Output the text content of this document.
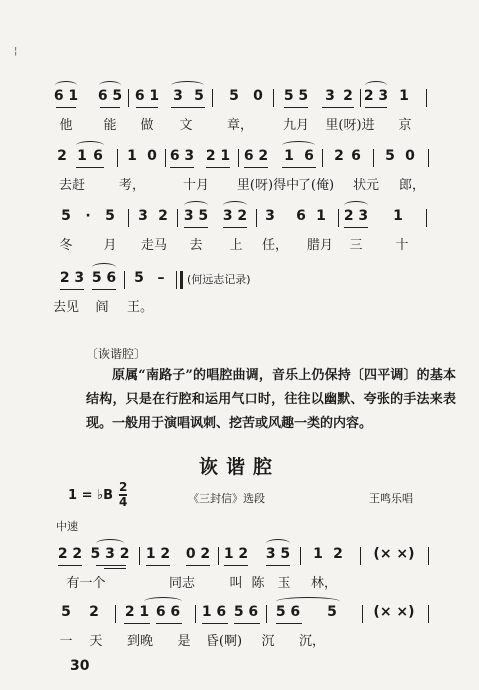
¦
6 1 6 5 6 1 3 5 5 0 5 5 3 2 2 3 1
他 能 做 文	章， 九月 里(呀)进 京
2 1 6 1 0 6 3 2 1 6 2 1 6 2 6 5 0
去赶	考，	十月 里(呀)得中
了(俺) 状元 郎，
5 · 5 3 2 3 5 3 2 3 6 1 2 3 1
冬 月 走马 去 上 任， 腊月 三	十
2 3 5 6 5 –
去见 阎 王。
(何远志记录)
〔诙谐腔〕
原属“南路子”的唱腔曲调，音乐上仍保持〔四平调〕的基本结构，只是在行腔和运用气口时，往往以幽默、夸张的手法来表现。一般用于演唱讽刺、挖苦或风趣一类的内容。
诙谐腔
1 = ♭B
2
4	《三封信》选段	王鸣乐唱
中速
2 2 5 3 2 1 2 0 2 1 2 3 5 1 2 (× ×)
有一个	同志	叫 陈 玉 林，
5 2 2 1 6 6 1 6 5 6 5 6 5	(× ×)
一 天 到晚 是 昏(啊) 沉 沉，
30
